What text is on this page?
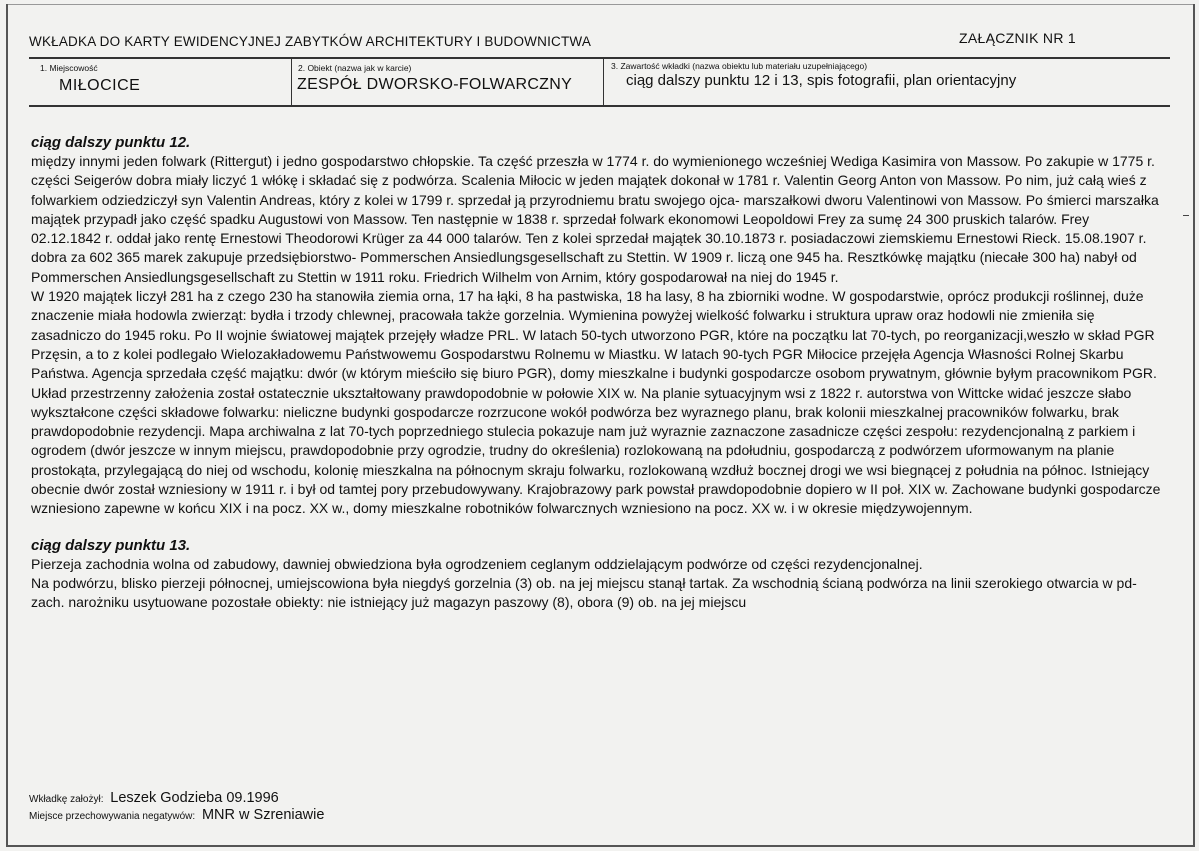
WKŁADKA DO KARTY EWIDENCYJNEJ ZABYTKÓW ARCHITEKTURY I BUDOWNICTWA	ZAŁĄCZNIK NR 1
1. Miejscowość
MIŁOCICE
2. Obiekt (nazwa jak w karcie)
ZESPÓŁ DWORSKO-FOLWARCZNY
3. Zawartość wkładki (nazwa obiektu lub materiału uzupełniającego)
ciąg dalszy punktu 12 i 13, spis fotografii, plan orientacyjny

ciąg dalszy punktu 12.

między innymi jeden folwark (Rittergut) i jedno gospodarstwo chłopskie. Ta część przeszła w 1774 r. do wymienionego wcześniej Wediga Kasimira von Massow. Po zakupie w 1775 r. części Seigerów dobra miały liczyć 1 włókę i składać się z podwórza. Scalenia Miłocic w jeden majątek dokonał w 1781 r. Valentin Georg Anton von Massow. Po nim, już całą wieś z folwarkiem odziedziczył syn Valentin Andreas, który z kolei w 1799 r. sprzedał ją przyrodniemu bratu swojego ojca- marszałkowi dworu Valentinowi von Massow. Po śmierci marszałka majątek przypadł jako część spadku Augustowi von Massow. Ten następnie w 1838 r. sprzedał folwark ekonomowi Leopoldowi Frey za sumę 24 300 pruskich talarów. Frey 02.12.1842 r. oddał jako rentę Ernestowi Theodorowi Krüger za 44 000 talarów. Ten z kolei sprzedał majątek 30.10.1873 r. posiadaczowi ziemskiemu Ernestowi Rieck. 15.08.1907 r. dobra za 602 365 marek zakupuje przedsiębiorstwo- Pommerschen Ansiedlungsgesellschaft zu Stettin. W 1909 r. liczą one 945 ha. Resztkówkę majątku (niecałe 300 ha) nabył od Pommerschen Ansiedlungsgesellschaft zu Stettin w 1911 roku. Friedrich Wilhelm von Arnim, który gospodarował na niej do 1945 r.

W 1920 majątek liczył 281 ha z czego 230 ha stanowiła ziemia orna, 17 ha łąki, 8 ha pastwiska, 18 ha lasy, 8 ha zbiorniki wodne. W gospodarstwie, oprócz produkcji roślinnej, duże znaczenie miała hodowla zwierząt: bydła i trzody chlewnej, pracowała także gorzelnia. Wymienina powyżej wielkość folwarku i struktura upraw oraz hodowli nie zmieniła się zasadniczo do 1945 roku. Po II wojnie światowej majątek przejęły władze PRL. W latach 50-tych utworzono PGR, które na początku lat 70-tych, po reorganizacji,weszło w skład PGR Przęsin, a to z kolei podlegało Wielozakładowemu Państwowemu Gospodarstwu Rolnemu w Miastku. W latach 90-tych PGR Miłocice przejęła Agencja Własności Rolnej Skarbu Państwa. Agencja sprzedała część majątku: dwór (w którym mieściło się biuro PGR), domy mieszkalne i budynki gospodarcze osobom prywatnym, głównie byłym pracownikom PGR.

Układ przestrzenny założenia został ostatecznie ukształtowany prawdopodobnie w połowie XIX w. Na planie sytuacyjnym wsi z 1822 r. autorstwa von Wittcke widać jeszcze słabo wykształcone części składowe folwarku: nieliczne budynki gospodarcze rozrzucone wokół podwórza bez wyraznego planu, brak kolonii mieszkalnej pracowników folwarku, brak prawdopodobnie rezydencji. Mapa archiwalna z lat 70-tych poprzedniego stulecia pokazuje nam już wyraznie zaznaczone zasadnicze części zespołu: rezydencjonalną z parkiem i ogrodem (dwór jeszcze w innym miejscu, prawdopodobnie przy ogrodzie, trudny do określenia) rozlokowaną na pdołudniu, gospodarczą z podwórzem uformowanym na planie prostokąta, przylegającą do niej od wschodu, kolonię mieszkalna na północnym skraju folwarku, rozlokowaną wzdłuż bocznej drogi we wsi biegnącej z południa na północ. Istniejący obecnie dwór został wzniesiony w 1911 r. i był od tamtej pory przebudowywany. Krajobrazowy park powstał prawdopodobnie dopiero w II poł. XIX w. Zachowane budynki gospodarcze wzniesiono zapewne w końcu XIX i na pocz. XX w., domy mieszkalne robotników folwarcznych wzniesiono na pocz. XX w. i w okresie międzywojennym.

ciąg dalszy punktu 13.

Pierzeja zachodnia wolna od zabudowy, dawniej obwiedziona była ogrodzeniem ceglanym oddzielającym podwórze od części rezydencjonalnej.

Na podwórzu, blisko pierzeji północnej, umiejscowiona była niegdyś gorzelnia (3) ob. na jej miejscu stanął tartak. Za wschodnią ścianą podwórza na linii szerokiego otwarcia w pd-zach. narożniku usytuowane pozostałe obiekty: nie istniejący już magazyn paszowy (8), obora (9) ob. na jej miejscu

Wkładkę założył: Leszek Godzieba 09.1996
Miejsce przechowywania negatywów: MNR w Szreniawie
